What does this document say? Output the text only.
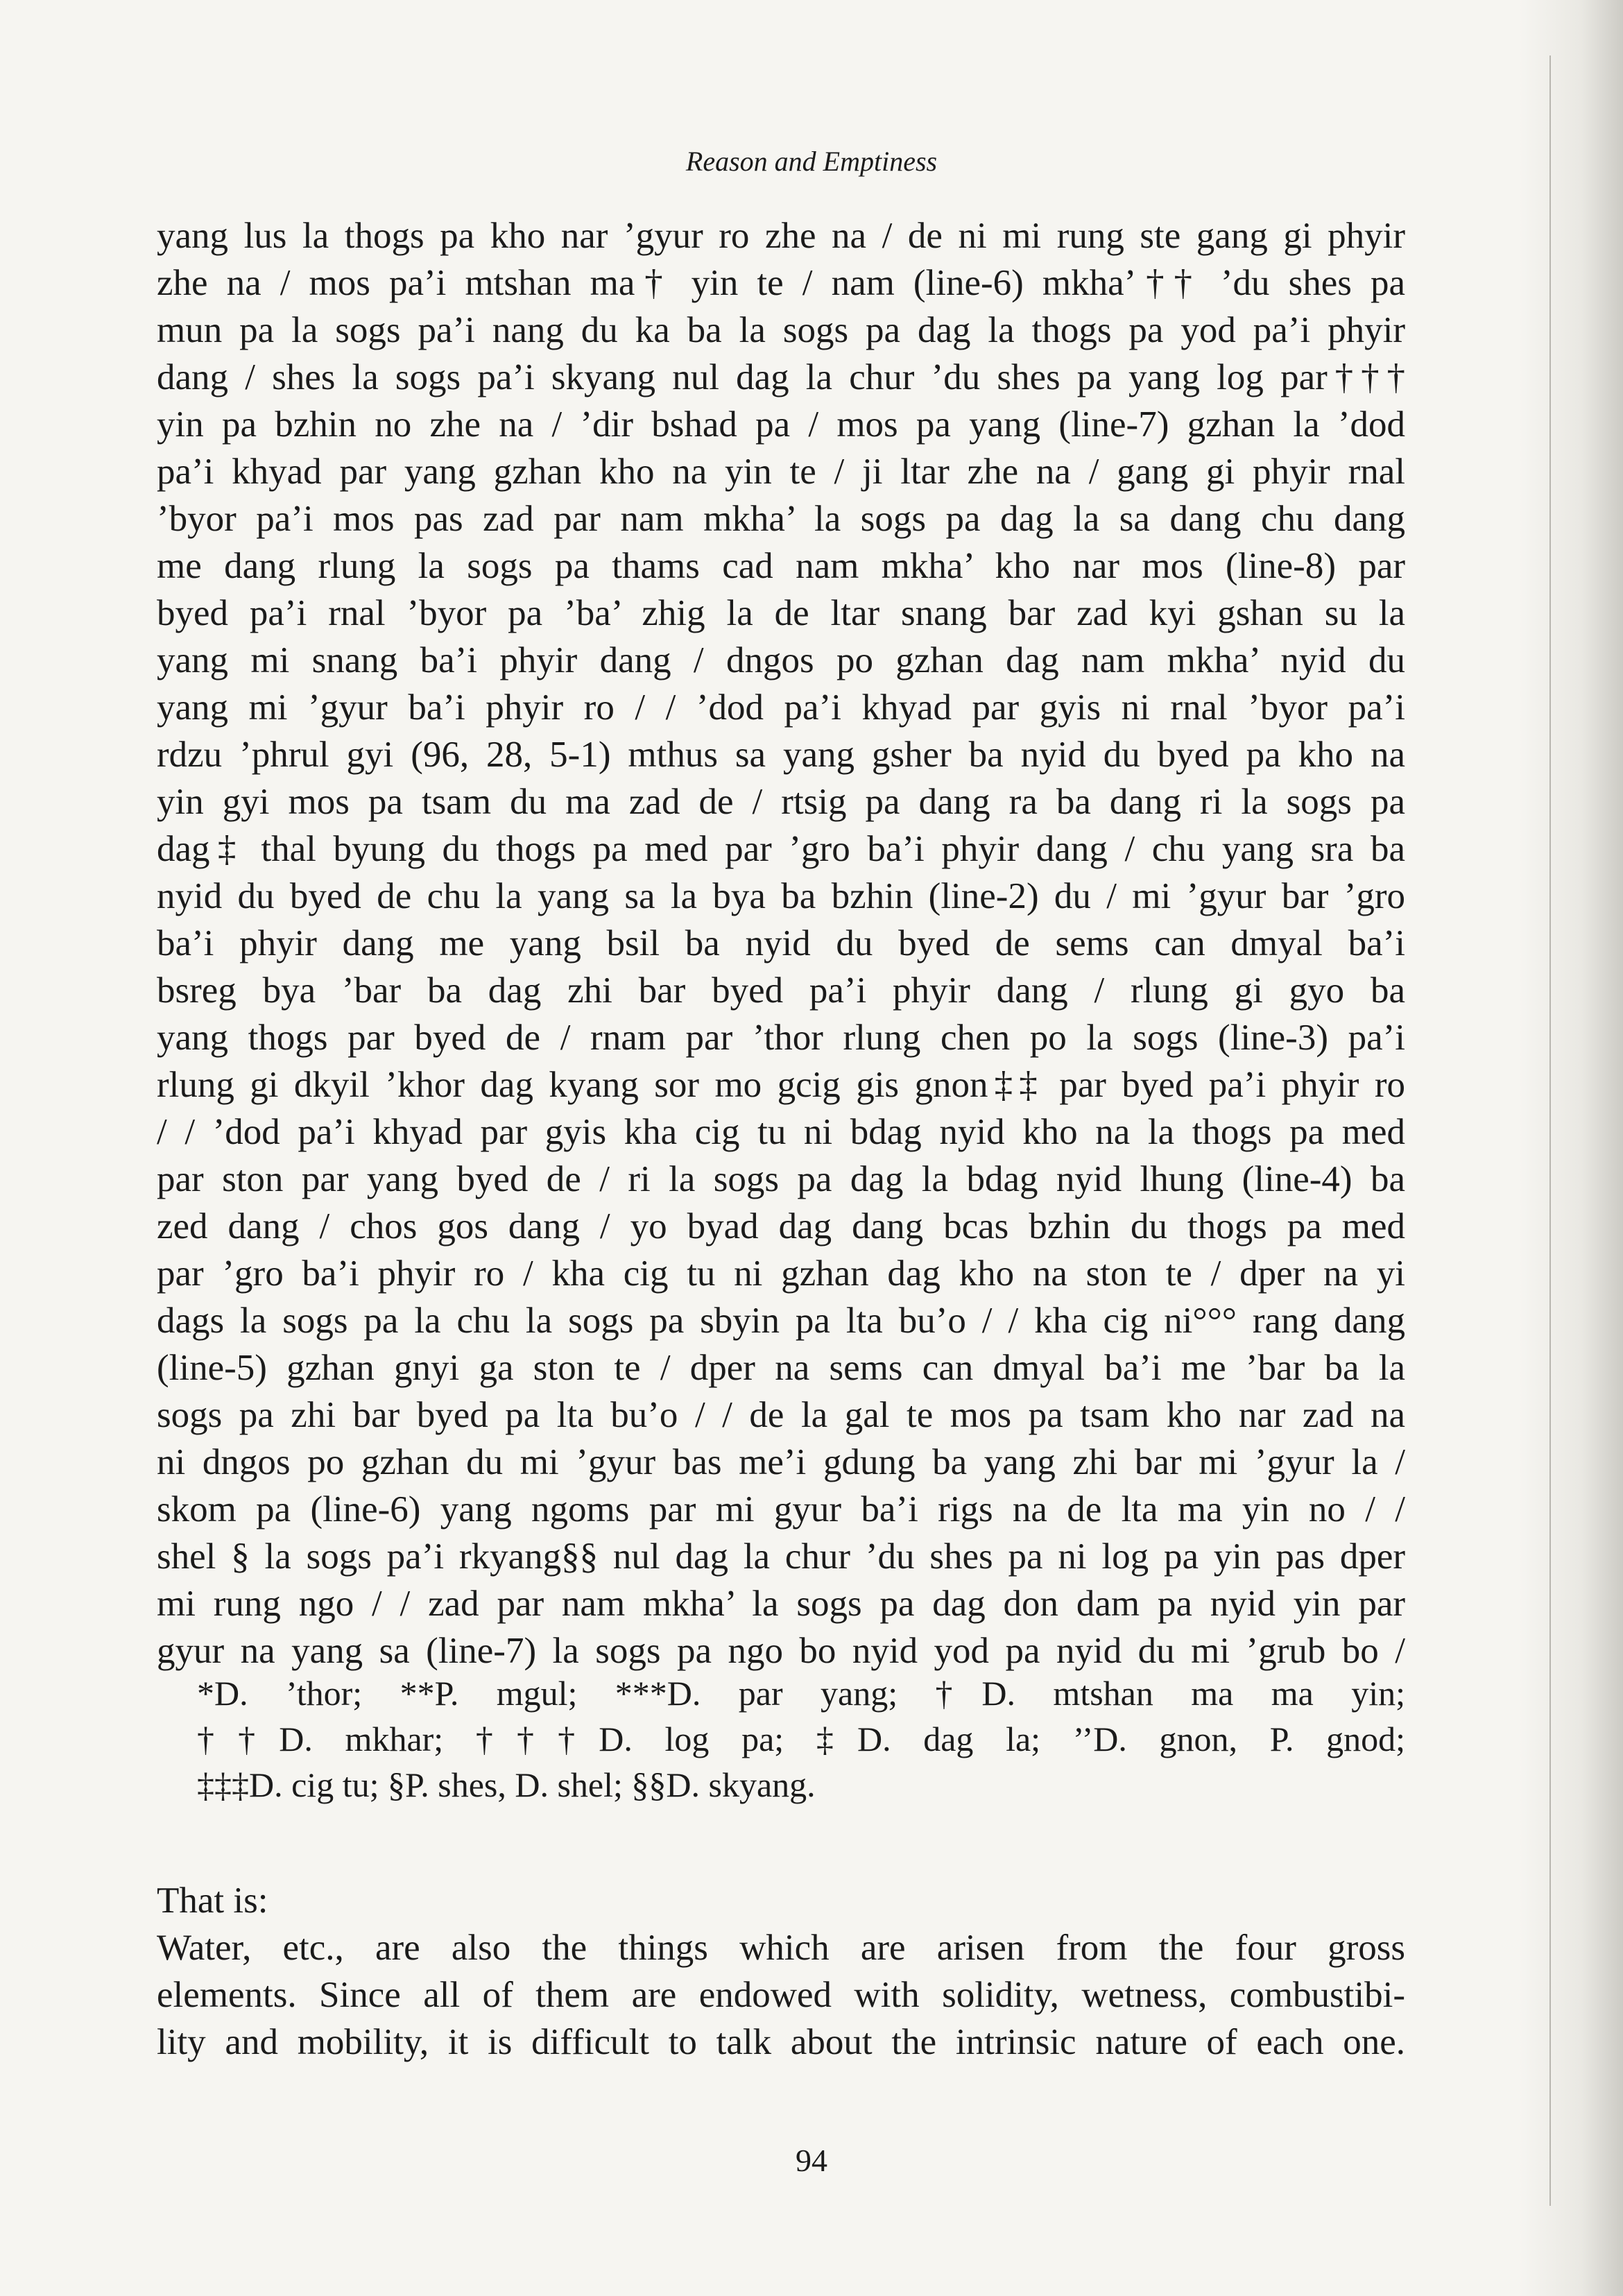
Reason and Emptiness
yang lus la thogs pa kho nar ’gyur ro zhe na / de ni mi rung ste gang gi phyir
zhe na / mos pa’i mtshan ma† yin te / nam (line-6) mkha’†† ’du shes pa
mun pa la sogs pa’i nang du ka ba la sogs pa dag la thogs pa yod pa’i phyir
dang / shes la sogs pa’i skyang nul dag la chur ’du shes pa yang log par†††
yin pa bzhin no zhe na / ’dir bshad pa / mos pa yang (line-7) gzhan la ’dod
pa’i khyad par yang gzhan kho na yin te / ji ltar zhe na / gang gi phyir rnal
’byor pa’i mos pas zad par nam mkha’ la sogs pa dag la sa dang chu dang
me dang rlung la sogs pa thams cad nam mkha’ kho nar mos (line-8) par
byed pa’i rnal ’byor pa ’ba’ zhig la de ltar snang bar zad kyi gshan su la
yang mi snang ba’i phyir dang / dngos po gzhan dag nam mkha’ nyid du
yang mi ’gyur ba’i phyir ro / / ’dod pa’i khyad par gyis ni rnal ’byor pa’i
rdzu ’phrul gyi (96, 28, 5-1) mthus sa yang gsher ba nyid du byed pa kho na
yin gyi mos pa tsam du ma zad de / rtsig pa dang ra ba dang ri la sogs pa
dag‡ thal byung du thogs pa med par ’gro ba’i phyir dang / chu yang sra ba
nyid du byed de chu la yang sa la bya ba bzhin (line-2) du / mi ’gyur bar ’gro
ba’i phyir dang me yang bsil ba nyid du byed de sems can dmyal ba’i
bsreg bya ’bar ba dag zhi bar byed pa’i phyir dang / rlung gi gyo ba
yang thogs par byed de / rnam par ’thor rlung chen po la sogs (line-3) pa’i
rlung gi dkyil ’khor dag kyang sor mo gcig gis gnon‡‡ par byed pa’i phyir ro
/ / ’dod pa’i khyad par gyis kha cig tu ni bdag nyid kho na la thogs pa med
par ston par yang byed de / ri la sogs pa dag la bdag nyid lhung (line-4) ba
zed dang / chos gos dang / yo byad dag dang bcas bzhin du thogs pa med
par ’gro ba’i phyir ro / kha cig tu ni gzhan dag kho na ston te / dper na yi
dags la sogs pa la chu la sogs pa sbyin pa lta bu’o / / kha cig ni°°° rang dang
(line-5) gzhan gnyi ga ston te / dper na sems can dmyal ba’i me ’bar ba la
sogs pa zhi bar byed pa lta bu’o / / de la gal te mos pa tsam kho nar zad na
ni dngos po gzhan du mi ’gyur bas me’i gdung ba yang zhi bar mi ’gyur la /
skom pa (line-6) yang ngoms par mi gyur ba’i rigs na de lta ma yin no / /
shel § la sogs pa’i rkyang§§ nul dag la chur ’du shes pa ni log pa yin pas dper
mi rung ngo / / zad par nam mkha’ la sogs pa dag don dam pa nyid yin par
gyur na yang sa (line-7) la sogs pa ngo bo nyid yod pa nyid du mi ’grub bo /
*D. ’thor; **P. mgul; ***D. par yang; †D. mtshan ma ma yin;
††D. mkhar; †††D. log pa; ‡D. dag la; ’’D. gnon, P. gnod;
‡‡‡D. cig tu; §P. shes, D. shel; §§D. skyang.
That is:
Water, etc., are also the things which are arisen from the four gross
elements. Since all of them are endowed with solidity, wetness, combustibi-
lity and mobility, it is difficult to talk about the intrinsic nature of each one.
94
